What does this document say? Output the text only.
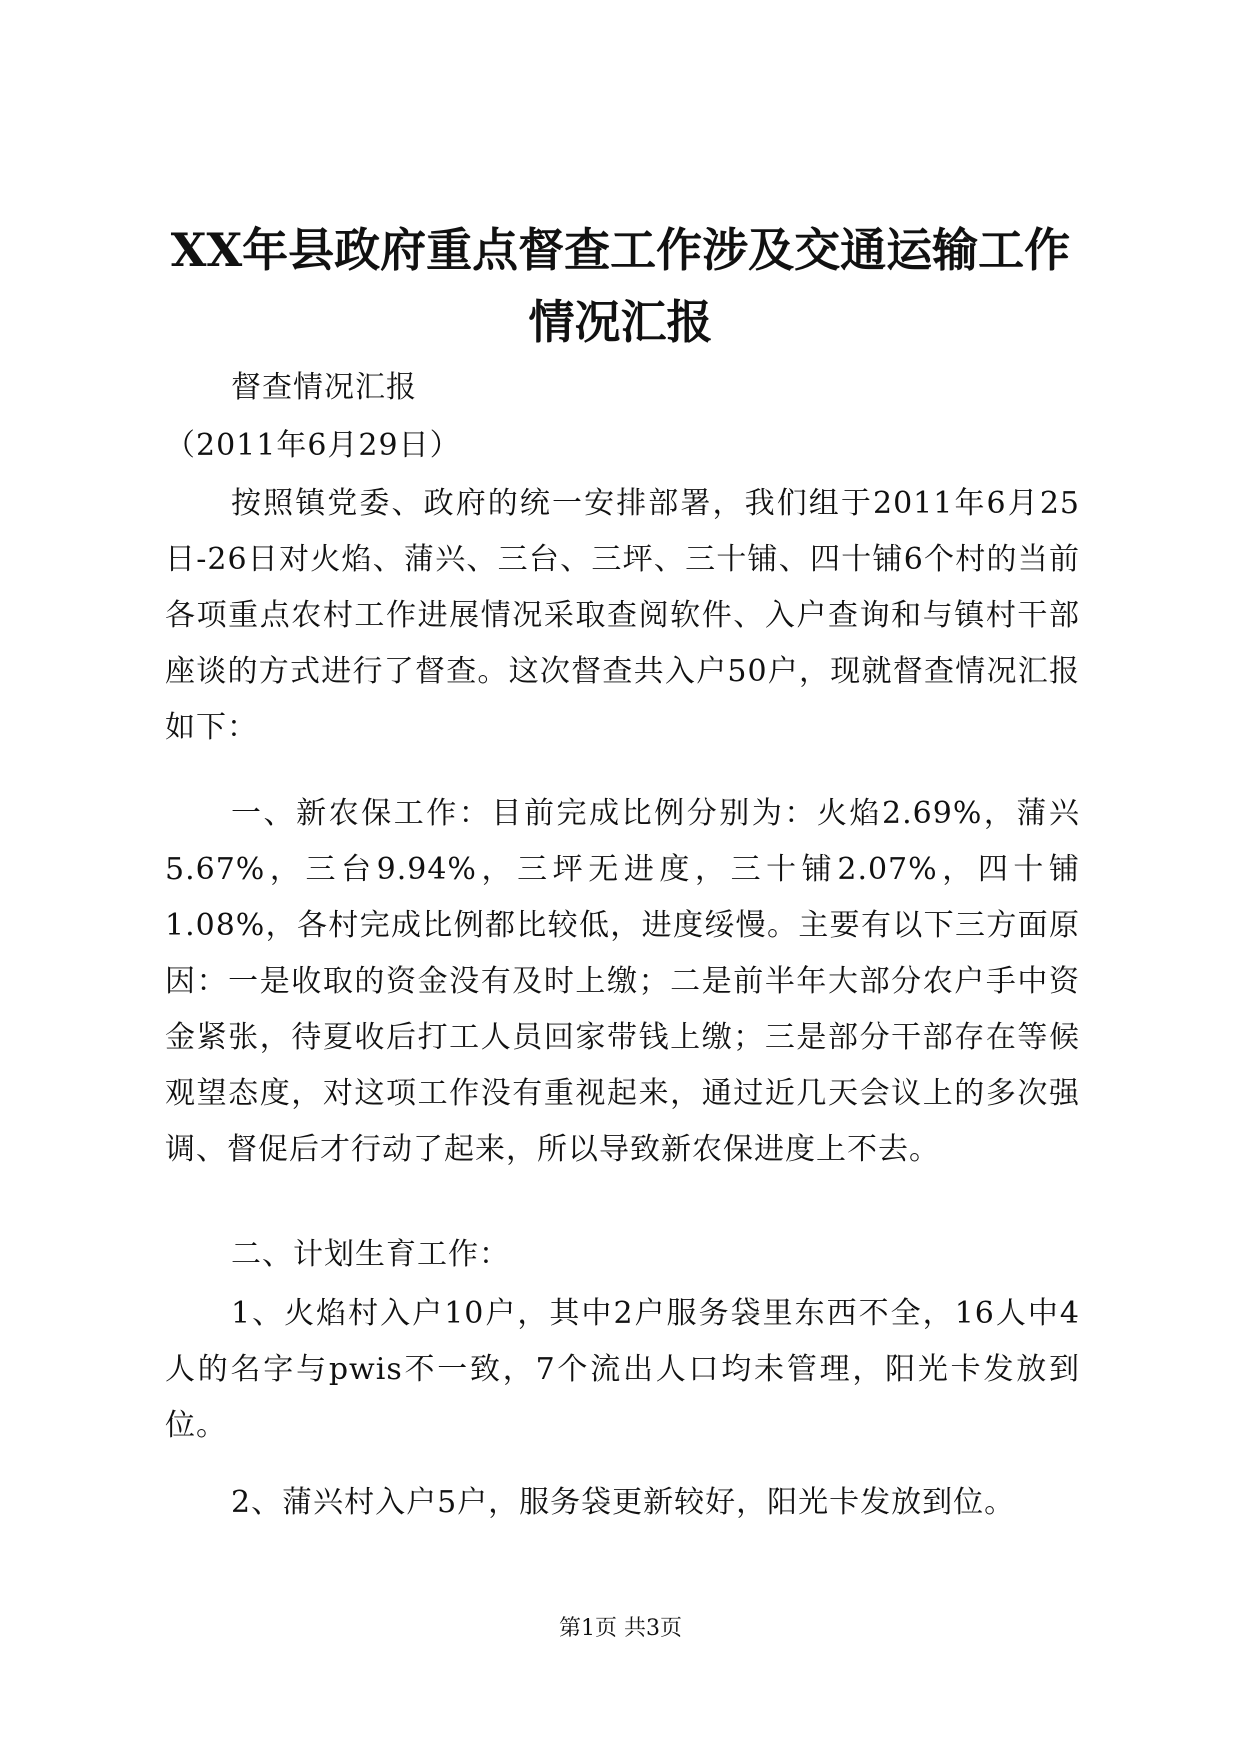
XX年县政府重点督查工作涉及交通运输工作
情况汇报

督查情况汇报

（2011年6月29日）

按照镇党委、政府的统一安排部署，我们组于2011年6月25日-26日对火焰、蒲兴、三台、三坪、三十铺、四十铺6个村的当前各项重点农村工作进展情况采取查阅软件、入户查询和与镇村干部座谈的方式进行了督查。这次督查共入户50户，现就督查情况汇报如下：

一、新农保工作：目前完成比例分别为：火焰2.69%，蒲兴5.67%，三台9.94%，三坪无进度，三十铺2.07%，四十铺1.08%，各村完成比例都比较低，进度绥慢。主要有以下三方面原因：一是收取的资金没有及时上缴；二是前半年大部分农户手中资金紧张，待夏收后打工人员回家带钱上缴；三是部分干部存在等候观望态度，对这项工作没有重视起来，通过近几天会议上的多次强调、督促后才行动了起来，所以导致新农保进度上不去。

二、计划生育工作：

1、火焰村入户10户，其中2户服务袋里东西不全，16人中4人的名字与pwis不一致，7个流出人口均未管理，阳光卡发放到位。

2、蒲兴村入户5户，服务袋更新较好，阳光卡发放到位。

第1页 共3页
